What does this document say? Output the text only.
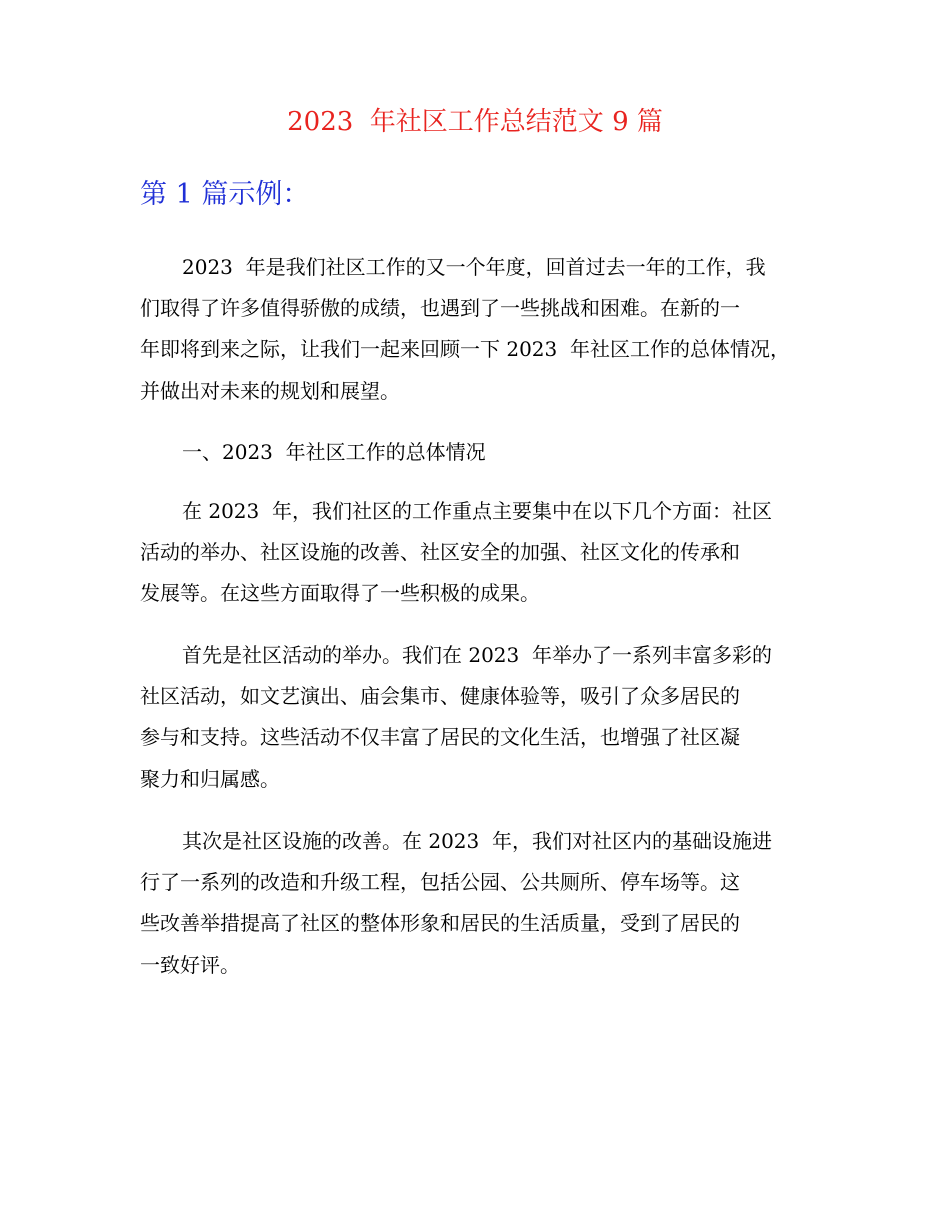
2023  年社区工作总结范文 9 篇
第 1 篇示例：
2023  年是我们社区工作的又一个年度，回首过去一年的工作，我
们取得了许多值得骄傲的成绩，也遇到了一些挑战和困难。在新的一
年即将到来之际，让我们一起来回顾一下 2023  年社区工作的总体情况，
并做出对未来的规划和展望。
一、2023  年社区工作的总体情况
在 2023  年，我们社区的工作重点主要集中在以下几个方面：社区
活动的举办、社区设施的改善、社区安全的加强、社区文化的传承和
发展等。在这些方面取得了一些积极的成果。
首先是社区活动的举办。我们在 2023  年举办了一系列丰富多彩的
社区活动，如文艺演出、庙会集市、健康体验等，吸引了众多居民的
参与和支持。这些活动不仅丰富了居民的文化生活，也增强了社区凝
聚力和归属感。
其次是社区设施的改善。在 2023  年，我们对社区内的基础设施进
行了一系列的改造和升级工程，包括公园、公共厕所、停车场等。这
些改善举措提高了社区的整体形象和居民的生活质量，受到了居民的
一致好评。
